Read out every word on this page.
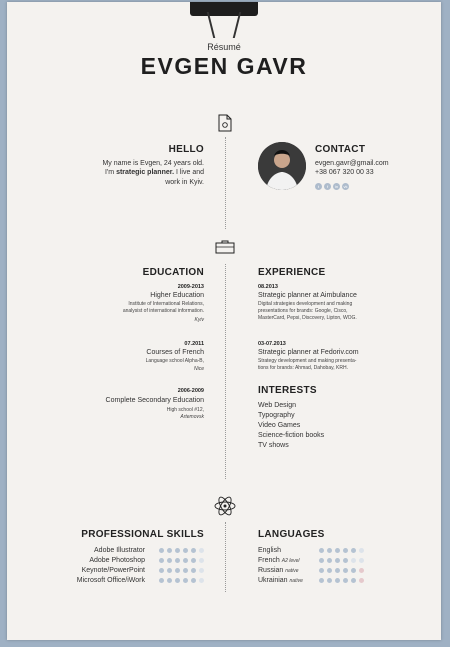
Résumé
EVGEN GAVR
HELLO
My name is Evgen, 24 years old.
I'm strategic planner. I live and
work in Kyiv.
CONTACT
evgen.gavr@gmail.com
+38 067 320 00 33
t	f	in	vk
EDUCATION
2009-2013
Higher Education
Institute of International Relations,
analysist of international information.
Kyiv
07.2011
Courses of French
Language school Alpha-B,
Nice
2006-2009
Complete Secondary Education
High school #12,
Artemovsk
EXPERIENCE
08.2013
Strategic planner at Aimbulance
Digital strategies development and making
presentations for brands: Google, Cisco,
MasterCard, Pepsi, Discovery, Lipton, WOG.
03-07.2013
Strategic planner at Fedoriv.com
Strategy development and making presenta-
tions for brands: Ahmad, Dahobay, KRH.
INTERESTS
Web Design
Typography
Video Games
Science-fiction books
TV shows
PROFESSIONAL SKILLS
Adobe Illustrator
Adobe Photoshop
Keynote/PowerPoint
Microsoft Office/iWork
LANGUAGES
English
French A2 level
Russian native
Ukrainian native
